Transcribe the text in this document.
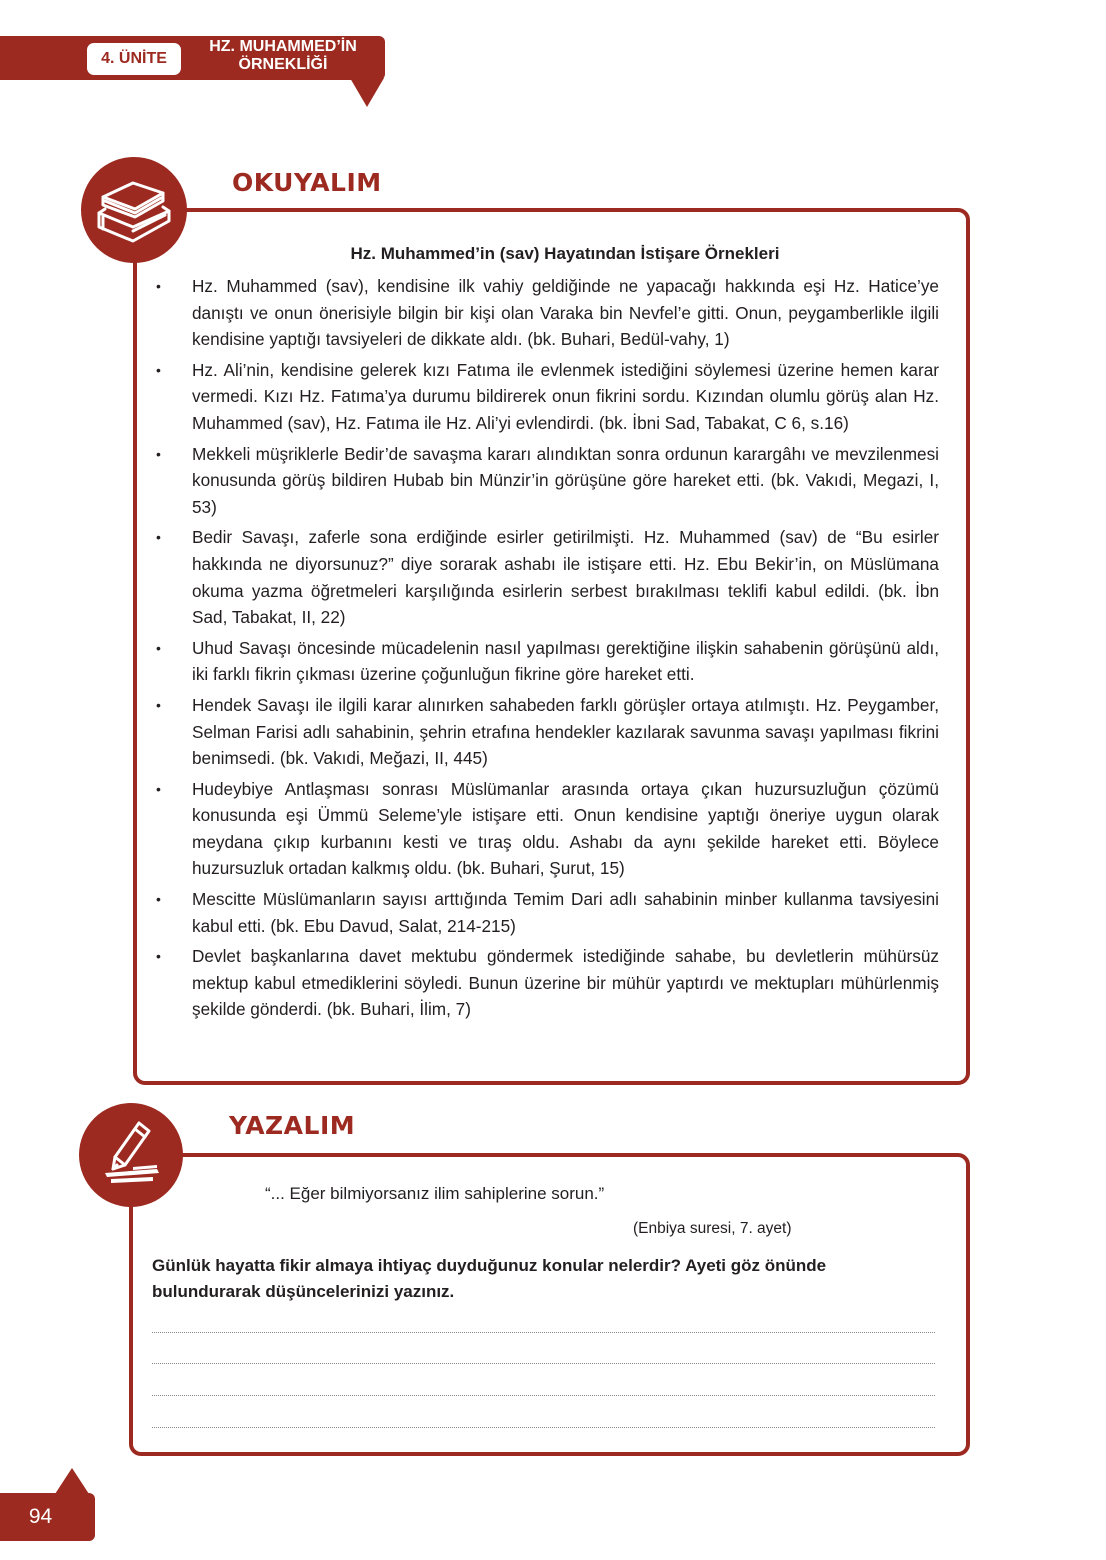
4. ÜNİTE
HZ. MUHAMMED’İN
ÖRNEKLİĞİ
OKUYALIM
Hz. Muhammed’in (sav) Hayatından İstişare Örnekleri
• Hz. Muhammed (sav), kendisine ilk vahiy geldiğinde ne yapacağı hakkında eşi Hz. Hatice’ye danıştı ve onun önerisiyle bilgin bir kişi olan Varaka bin Nevfel’e gitti. Onun, peygamberlikle ilgili kendisine yaptığı tavsiyeleri de dikkate aldı. (bk. Buhari, Bedül-vahy, 1)
• Hz. Ali’nin, kendisine gelerek kızı Fatıma ile evlenmek istediğini söylemesi üzerine hemen karar vermedi. Kızı Hz. Fatıma’ya durumu bildirerek onun fikrini sordu. Kızından olumlu görüş alan Hz. Muhammed (sav), Hz. Fatıma ile Hz. Ali’yi evlendirdi. (bk. İbni Sad, Tabakat, C 6, s.16)
• Mekkeli müşriklerle Bedir’de savaşma kararı alındıktan sonra ordunun karargâhı ve mevzilenmesi konusunda görüş bildiren Hubab bin Münzir’in görüşüne göre hareket etti. (bk. Vakıdi, Megazi, I, 53)
• Bedir Savaşı, zaferle sona erdiğinde esirler getirilmişti. Hz. Muhammed (sav) de “Bu esirler hakkında ne diyorsunuz?” diye sorarak ashabı ile istişare etti. Hz. Ebu Bekir’in, on Müslümana okuma yazma öğretmeleri karşılığında esirlerin serbest bırakılması teklifi kabul edildi. (bk. İbn Sad, Tabakat, II, 22)
• Uhud Savaşı öncesinde mücadelenin nasıl yapılması gerektiğine ilişkin sahabenin görüşünü aldı, iki farklı fikrin çıkması üzerine çoğunluğun fikrine göre hareket etti.
• Hendek Savaşı ile ilgili karar alınırken sahabeden farklı görüşler ortaya atılmıştı. Hz. Peygamber, Selman Farisi adlı sahabinin, şehrin etrafına hendekler kazılarak savunma savaşı yapılması fikrini benimsedi. (bk. Vakıdi, Meğazi, II, 445)
• Hudeybiye Antlaşması sonrası Müslümanlar arasında ortaya çıkan huzursuzluğun çözümü konusunda eşi Ümmü Seleme’yle istişare etti. Onun kendisine yaptığı öneriye uygun olarak meydana çıkıp kurbanını kesti ve tıraş oldu. Ashabı da aynı şekilde hareket etti. Böylece huzursuzluk ortadan kalkmış oldu. (bk. Buhari, Şurut, 15)
• Mescitte Müslümanların sayısı arttığında Temim Dari adlı sahabinin minber kullanma tavsiyesini kabul etti. (bk. Ebu Davud, Salat, 214-215)
• Devlet başkanlarına davet mektubu göndermek istediğinde sahabe, bu devletlerin mühürsüz mektup kabul etmediklerini söyledi. Bunun üzerine bir mühür yaptırdı ve mektupları mühürlenmiş şekilde gönderdi. (bk. Buhari, İlim, 7)
YAZALIM
“... Eğer bilmiyorsanız ilim sahiplerine sorun.”
(Enbiya suresi, 7. ayet)
Günlük hayatta fikir almaya ihtiyaç duyduğunuz konular nelerdir? Ayeti göz önünde bulundurarak düşüncelerinizi yazınız.
94
